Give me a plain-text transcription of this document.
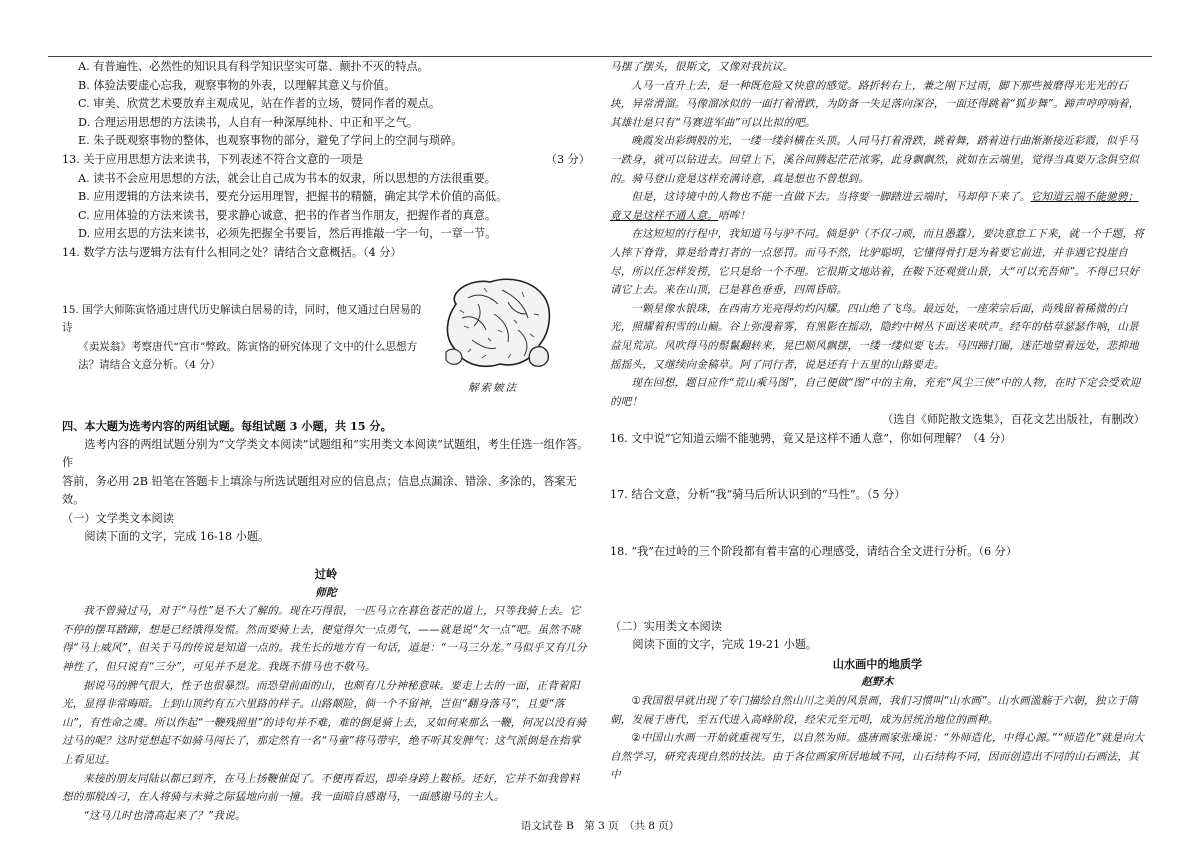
A. 有普遍性、必然性的知识具有科学知识坚实可靠、颠扑不灭的特点。

B. 体验法要虚心忘我，观察事物的外表，以理解其意义与价值。

C. 审美、欣赏艺术要放弃主观成见，站在作者的立场，赞同作者的观点。

D. 合理运用思想的方法读书，人自有一种深厚纯朴、中正和平之气。

E. 朱子既观察事物的整体，也观察事物的部分，避免了学问上的空洞与琐碎。

13. 关于应用思想方法来读书，下列表述不符合文意的一项是	（3 分）

A. 读书不会应用思想的方法，就会让自己成为书本的奴隶，所以思想的方法很重要。

B. 应用逻辑的方法来读书，要充分运用理智，把握书的精髓，确定其学术价值的高低。

C. 应用体验的方法来读书，要求静心诚意，把书的作者当作朋友，把握作者的真意。

D. 应用玄思的方法来读书，必须先把握全书要旨，然后再推敲一字一句，一章一节。

14. 数学方法与逻辑方法有什么相同之处？请结合文意概括。（4 分）

15. 国学大师陈寅恪通过唐代历史解读白居易的诗，同时，他又通过白居易的诗

《卖炭翁》考察唐代“宫市”弊政。陈寅恪的研究体现了文中的什么思想方

法？请结合文意分析。（4 分）

四、本大题为选考内容的两组试题。每组试题 3 小题，共 15 分。

选考内容的两组试题分别为“文学类文本阅读”试题组和“实用类文本阅读”试题组，考生任选一组作答。作

答前，务必用 2B 铅笔在答题卡上填涂与所选试题组对应的信息点；信息点漏涂、错涂、多涂的，答案无效。

（一）文学类文本阅读

阅读下面的文字，完成 16-18 小题。

过岭

师陀

我不曾骑过马，对于“马性”是不大了解的。现在巧得很，一匹马立在暮色苍茫的道上，只等我骑上去。它不停的摆耳踏蹄，想是已经饿得发慌。然而要骑上去，便觉得欠一点勇气，——就是说“欠一点”吧。虽然不晓得“马上威风”，但关于马的传说是知道一点的。我生长的地方有一句话，道是：“一马三分龙。”马似乎又有几分神性了，但只说有“三分”，可见并不是龙。我既不惜马也不敬马。

据说马的脾气很大，性子也很暴烈。而恐望前面的山，也颇有几分神秘意味。要走上去的一面，正背着阳光，显得非常晦暗。上到山顶约有五六里路的样子。山路颠险，倘一个不留神，岂但“翻身落马”，且要“落山”，有性命之虞。所以作起“一鞭残照里”的诗句并不难，难的倒是骑上去，又如何来那么一鞭，何况以没有骑过马的呢？这时觉想起不如骑马闯长了，那定然有一名“马童”将马带牢，绝不听其发脾气：这气派倒是在指掌上看见过。

来接的朋友同陆以都已到齐，在马上扬鞭催促了。不便再看迟，即牵身跨上鞍桥。还好，它并不如我曾料想的那般凶刁，在人将骑与未骑之际猛地向前一撞。我一面暗自感谢马，一面感谢马的主人。

“这马几时也清高起来了？”我说。

解索皴法

马摆了摆头，很斯文，又像对我抗议。

人马一直升上去，是一种既危险又快意的感觉。路折转右上，兼之刚下过雨，脚下那些被磨得光光光的石块，异常滑溜。马像溜冰似的一面打着滑跌，为防备一失足落向深谷，一面还得跳着“狐步舞”。蹄声哼哼响着，其雄壮是只有“马赛进军曲”可以比拟的吧。

晚霞发出彩绸般的光，一缕一缕斜横在头顶。人同马打着滑跌，跳着舞，踏着进行曲渐渐接近彩霞，似乎马一跌身，就可以钻进去。回望上下，溪谷间腾起茫茫浓雾，此身飘飘然，就如在云端里，觉得当真要万念俱空似的。骑马登山竟是这样充满诗意，真是想也不曾想到。

但是，这诗境中的人物也不能一直做下去。当将要一脚踏进云端时，马却停下来了。它知道云端不能驰骋；竟又是这样不通人意。唔哞！

在这短短的行程中，我知道马与驴不同。倘是驴（不仅刁顽，而且愚蠢），要决意怠工下来，就一个千题，将人摔下脊背，算是给青打者的一点惩罚。而马不然，比驴聪明，它懂得骨打是为着要它前进，并非遇它投崖自尽，所以任怎样发捞，它只是给一个不理。它很斯文地站着，在鞍下还观赏山景，大“可以充吾师”。不得已只好请它上去。来在山顶，已是暮色垂垂，四周昏暗。

一颗星像水银珠，在西南方光亮得灼灼闪耀。四山绝了飞鸟。最远处，一座荣宗后面，尚残留着稀微的白光，照耀着积雪的山巅。谷上弥漫着雾，有黑影在摇动，隐约中树丛下面送来吠声。经年的枯草瑟瑟作响，山景益见荒凉。风吹得马的鬃鬣翻转来，晃巴顺风飘摆，一缕一缕似要飞去。马四蹄打圈，迷茫地望着远处，悲抑地摇摇头，又继续向金稿草。阿了同行者，说是还有十五里的山路要走。

现在回想，题目应作“荒山乘马图”，自己便做“图”中的主角，充充“风尘三侠”中的人物，在时下定会受欢迎的吧！

（选自《师陀散文选集》，百花文艺出版社，有删改）

16. 文中说“它知道云端不能驰骋，竟又是这样不通人意”，你如何理解？（4 分）

17. 结合文意，分析“我”骑马后所认识到的“马性”。（5 分）

18. “我”在过岭的三个阶段都有着丰富的心理感受，请结合全文进行分析。（6 分）

（二）实用类文本阅读

阅读下面的文字，完成 19-21 小题。

山水画中的地质学

赵野木

①我国很早就出现了专门描绘自然山川之美的风景画，我们习惯叫“山水画”。山水画滥觞于六朝，独立于隋朝，发展于唐代，至五代进入高峰阶段，经宋元至元明，成为居统治地位的画种。

②中国山水画一开始就重视写生，以自然为师。盛唐画家张璪说：“外师造化，中得心源。”“师造化”就是向大自然学习，研究表现自然的技法。由于各位画家所居地域不同，山石结构不同，因而创造出不同的山石画法，其中

语文试卷 B　第 3 页　（共 8 页）
